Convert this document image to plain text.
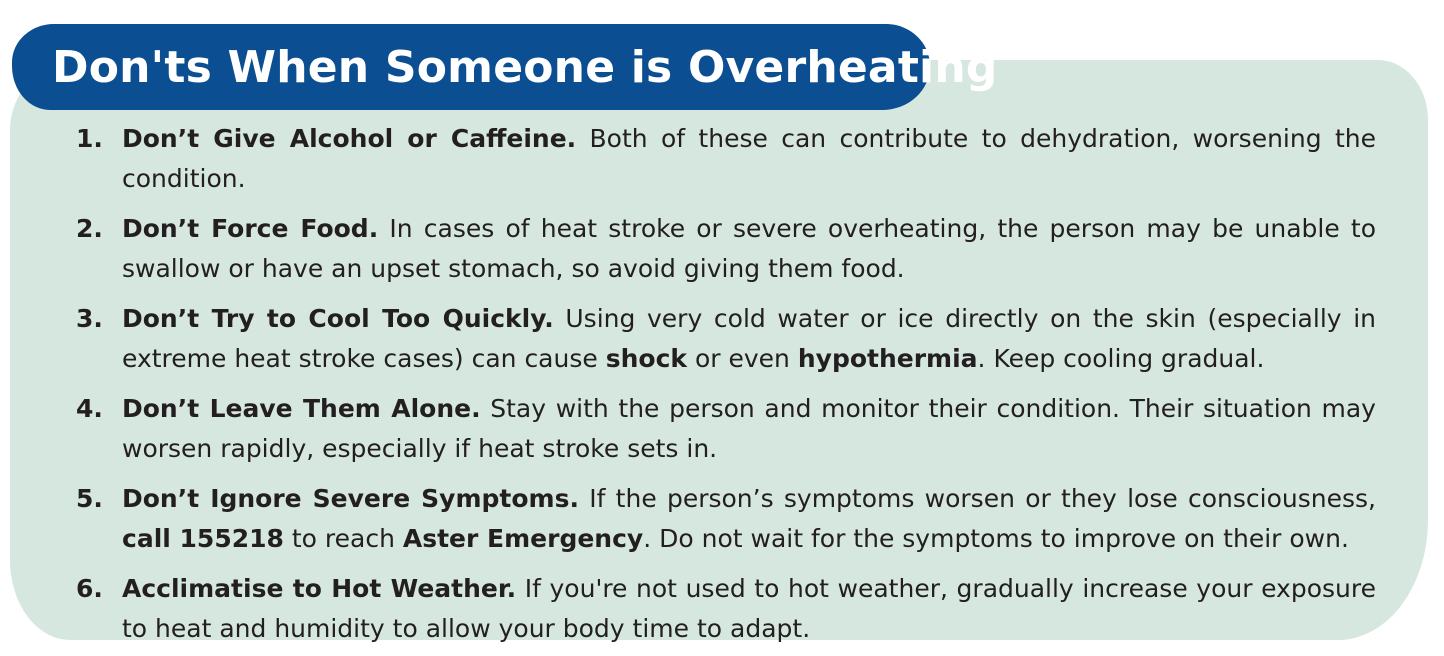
Don'ts When Someone is Overheating
1. Don’t Give Alcohol or Caffeine. Both of these can contribute to dehydration, worsening the condition.
2. Don’t Force Food. In cases of heat stroke or severe overheating, the person may be unable to swallow or have an upset stomach, so avoid giving them food.
3. Don’t Try to Cool Too Quickly. Using very cold water or ice directly on the skin (especially in extreme heat stroke cases) can cause shock or even hypothermia. Keep cooling gradual.
4. Don’t Leave Them Alone. Stay with the person and monitor their condition. Their situation may worsen rapidly, especially if heat stroke sets in.
5. Don’t Ignore Severe Symptoms. If the person’s symptoms worsen or they lose consciousness, call 155218 to reach Aster Emergency. Do not wait for the symptoms to improve on their own.
6. Acclimatise to Hot Weather. If you're not used to hot weather, gradually increase your exposure to heat and humidity to allow your body time to adapt.
